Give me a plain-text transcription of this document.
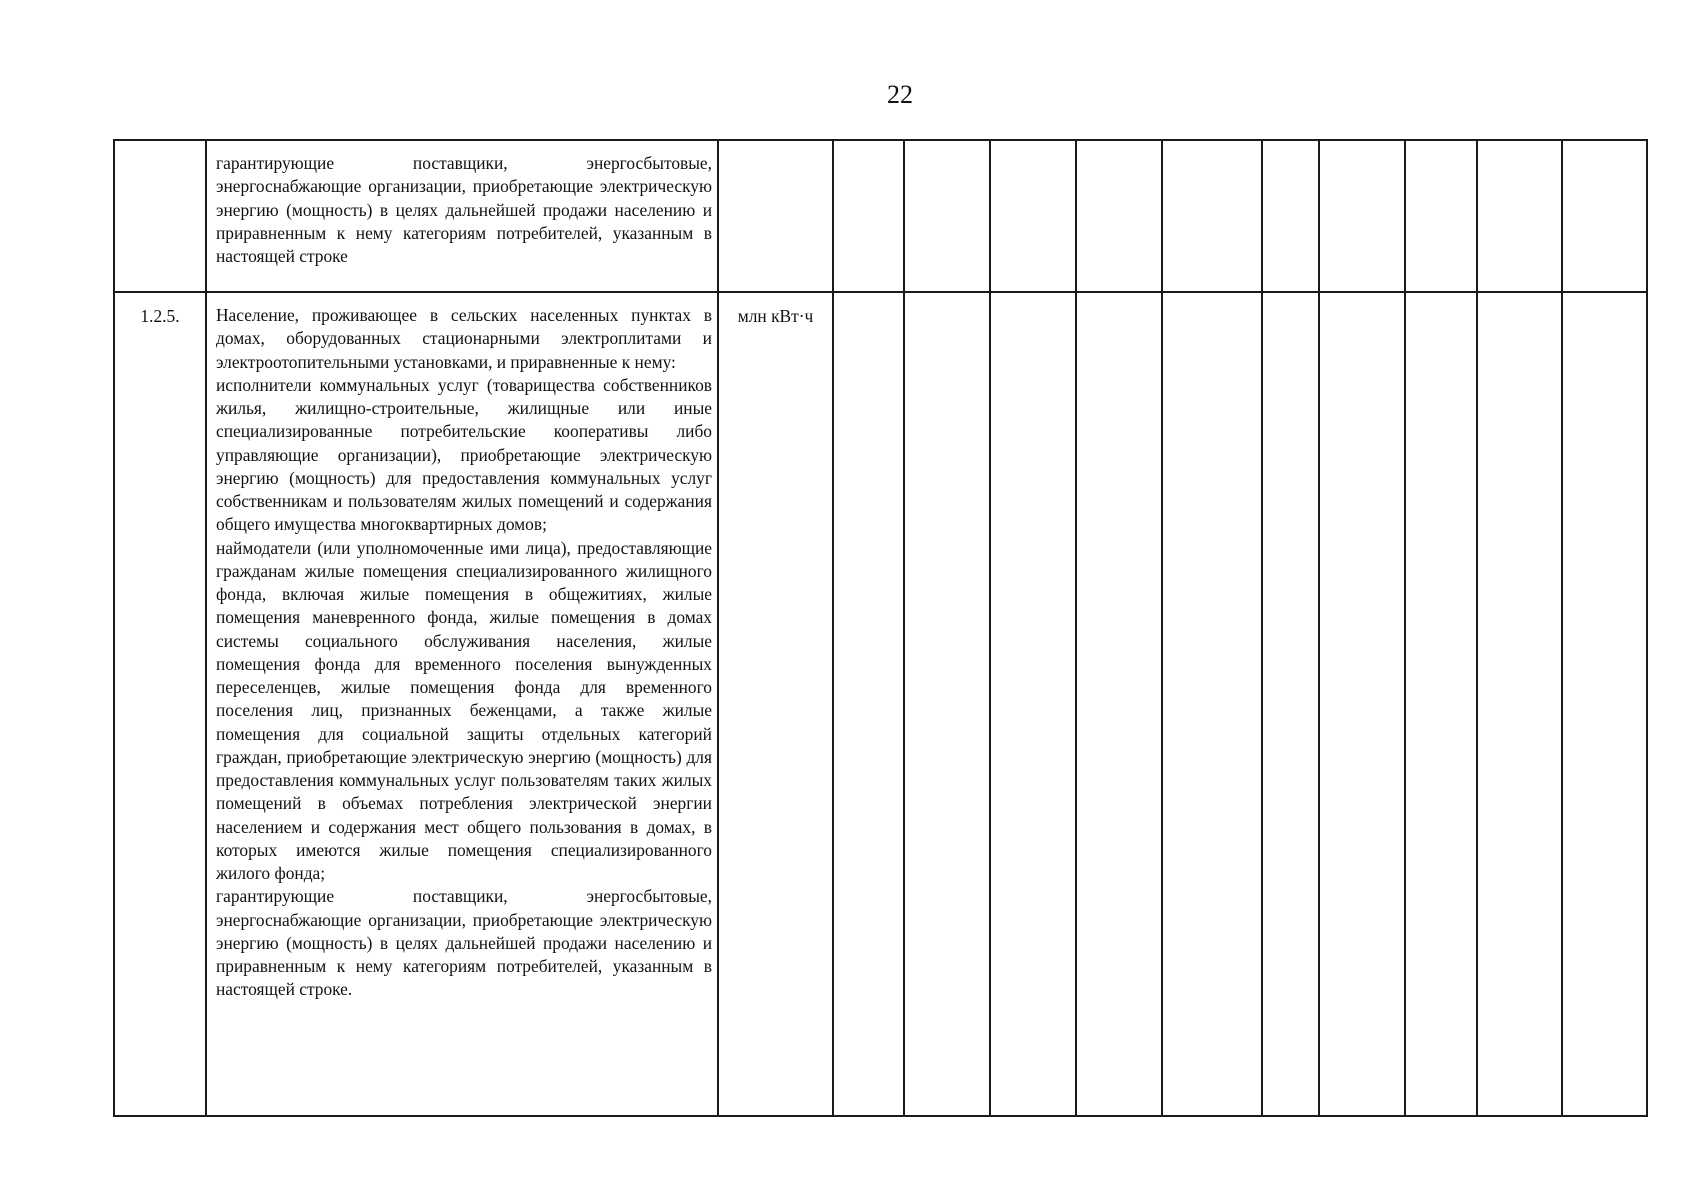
22

	гарантирующие поставщики, энергосбытовые, энергоснабжающие организации, приобретающие электрическую энергию (мощность) в целях дальнейшей продажи населению и приравненным к нему категориям потребителей, указанным в настоящей строке											

1.2.5.	Население, проживающее в сельских населенных пунктах в домах, оборудованных стационарными электроплитами и электроотопительными установками, и приравненные к нему:
исполнители коммунальных услуг (товарищества собственников жилья, жилищно-строительные, жилищные или иные специализированные потребительские кооперативы либо управляющие организации), приобретающие электрическую энергию (мощность) для предоставления коммунальных услуг собственникам и пользователям жилых помещений и содержания общего имущества многоквартирных домов;
наймодатели (или уполномоченные ими лица), предоставляющие гражданам жилые помещения специализированного жилищного фонда, включая жилые помещения в общежитиях, жилые помещения маневренного фонда, жилые помещения в домах системы социального обслуживания населения, жилые помещения фонда для временного поселения вынужденных переселенцев, жилые помещения фонда для временного поселения лиц, признанных беженцами, а также жилые помещения для социальной защиты отдельных категорий граждан, приобретающие электрическую энергию (мощность) для предоставления коммунальных услуг пользователям таких жилых помещений в объемах потребления электрической энергии населением и содержания мест общего пользования в домах, в которых имеются жилые помещения специализированного жилого фонда;
гарантирующие поставщики, энергосбытовые, энергоснабжающие организации, приобретающие электрическую энергию (мощность) в целях дальнейшей продажи населению и приравненным к нему категориям потребителей, указанным в настоящей строке.	млн кВт·ч										
